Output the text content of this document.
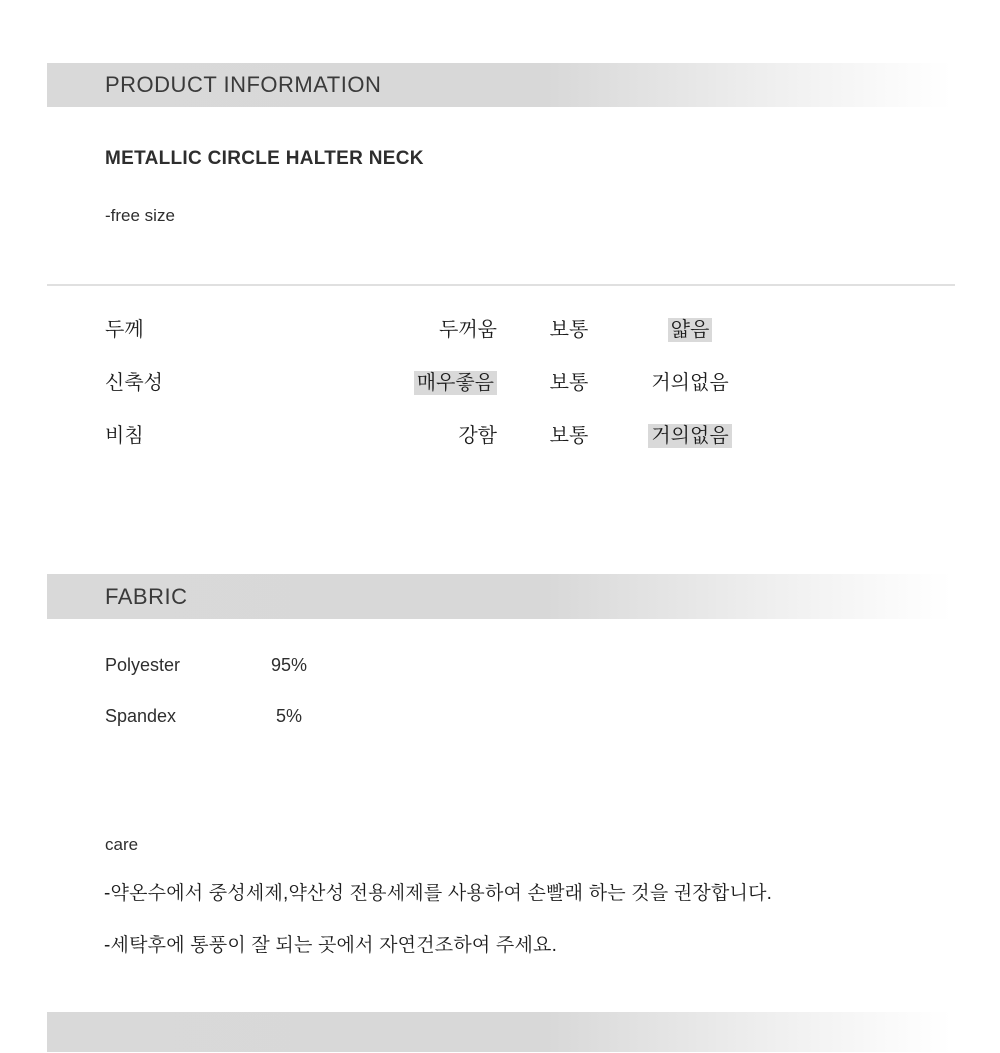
PRODUCT INFORMATION
METALLIC CIRCLE HALTER NECK
-free size
두께	두꺼움	보통	얇음
신축성	매우좋음	보통	거의없음
비침	강함	보통	거의없음
FABRIC
Polyester	95%
Spandex	5%
care
-약온수에서 중성세제,약산성 전용세제를 사용하여 손빨래 하는 것을 권장합니다.
-세탁후에 통풍이 잘 되는 곳에서 자연건조하여 주세요.
